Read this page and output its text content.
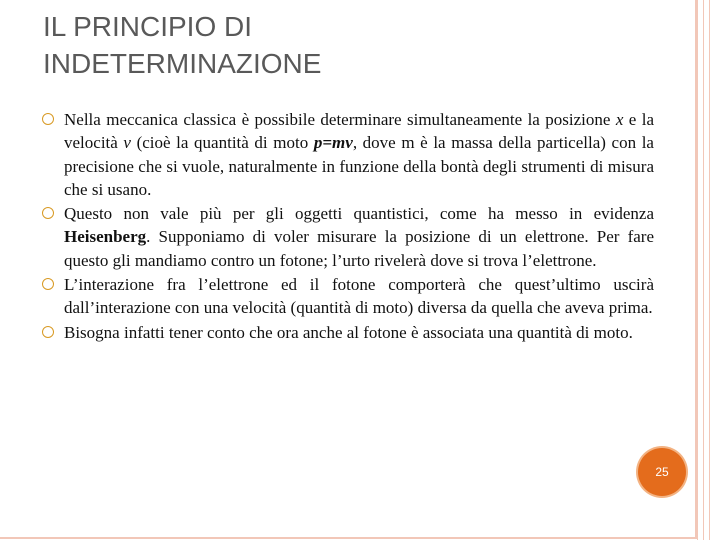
IL PRINCIPIO DI
INDETERMINAZIONE
Nella meccanica classica è possibile determinare simultaneamente la posizione x e la velocità v (cioè la quantità di moto p=mv, dove m è la massa della particella) con la precisione che si vuole, naturalmente in funzione della bontà degli strumenti di misura che si usano.
Questo non vale più per gli oggetti quantistici, come ha messo in evidenza Heisenberg. Supponiamo di voler misurare la posizione di un elettrone. Per fare questo gli mandiamo contro un fotone; l’urto rivelerà dove si trova l’elettrone.
L’interazione fra l’elettrone ed il fotone comporterà che quest’ultimo uscirà dall’interazione con una velocità (quantità di moto) diversa da quella che aveva prima.
Bisogna infatti tener conto che ora anche al fotone è associata una quantità di moto.
25
